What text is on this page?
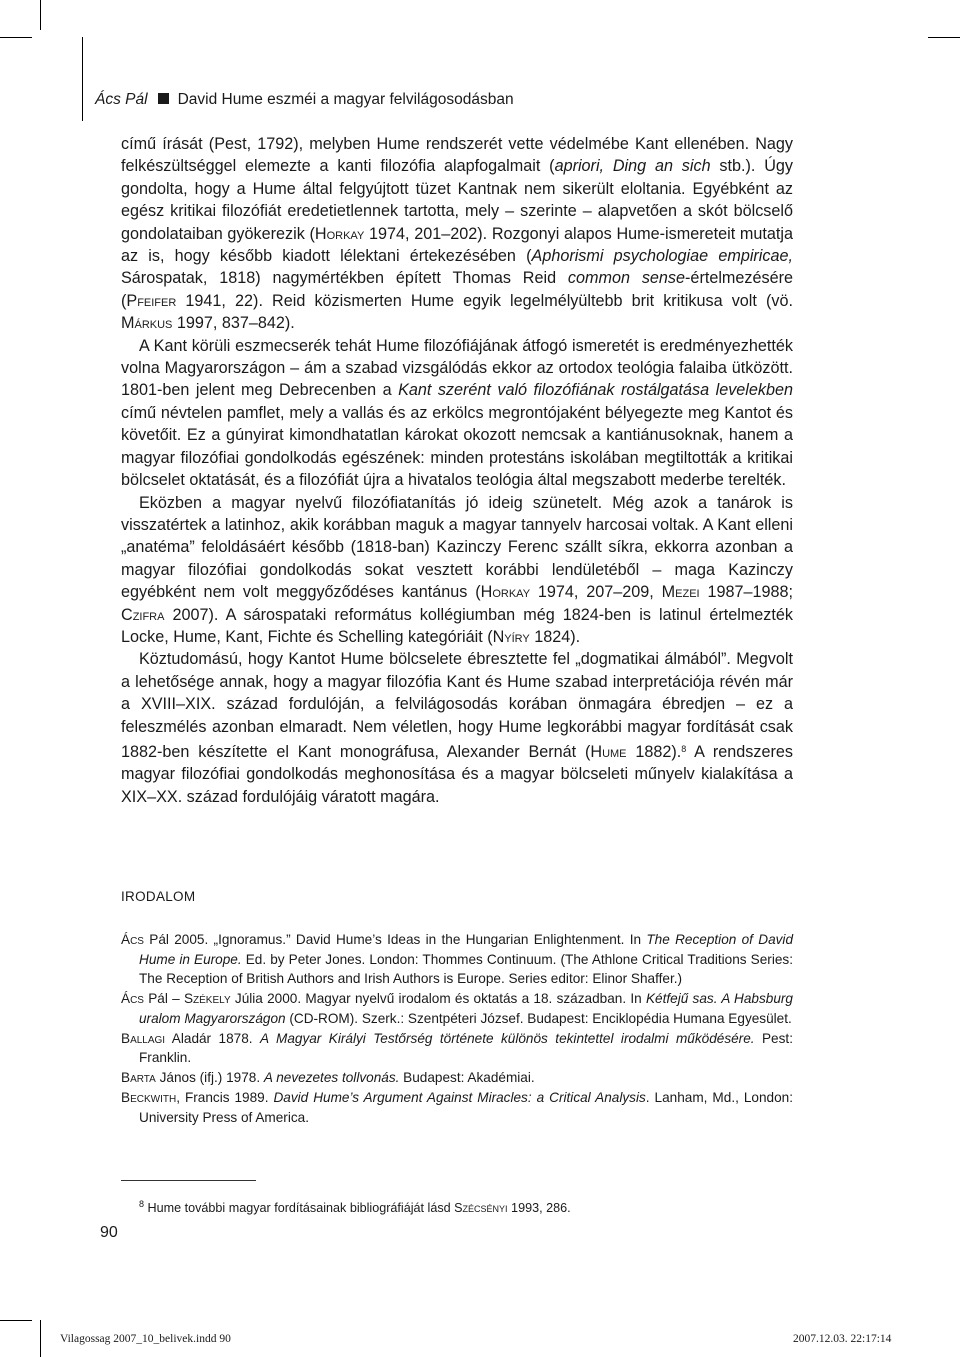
Ács Pál David Hume eszméi a magyar felvilágosodásban

című írását (Pest, 1792), melyben Hume rendszerét vette védelmébe Kant ellenében. Nagy felkészültséggel elemezte a kanti filozófia alapfogalmait (apriori, Ding an sich stb.). Úgy gondolta, hogy a Hume által felgyújtott tüzet Kantnak nem sikerült eloltania. Egyébként az egész kritikai filozófiát eredetietlennek tartotta, mely – szerinte – alapvetően a skót bölcselő gondolataiban gyökerezik (Horkay 1974, 201–202). Rozgonyi alapos Hume-ismereteit mutatja az is, hogy később kiadott lélektani értekezésében (Aphorismi psychologiae empiricae, Sárospatak, 1818) nagymértékben épített Thomas Reid common sense-értelmezésére (Pfeifer 1941, 22). Reid közismerten Hume egyik legelmélyültebb brit kritikusa volt (vö. Márkus 1997, 837–842).

A Kant körüli eszmecserék tehát Hume filozófiájának átfogó ismeretét is eredményezhették volna Magyarországon – ám a szabad vizsgálódás ekkor az ortodox teológia falaiba ütközött. 1801-ben jelent meg Debrecenben a Kant szerént való filozófiának rostálgatása levelekben című névtelen pamflet, mely a vallás és az erkölcs megrontójaként bélyegezte meg Kantot és követőit. Ez a gúnyirat kimondhatatlan károkat okozott nemcsak a kantiánusoknak, hanem a magyar filozófiai gondolkodás egészének: minden protestáns iskolában megtiltották a kritikai bölcselet oktatását, és a filozófiát újra a hivatalos teológia által megszabott mederbe terelték.

Eközben a magyar nyelvű filozófiatanítás jó ideig szünetelt. Még azok a tanárok is visszatértek a latinhoz, akik korábban maguk a magyar tannyelv harcosai voltak. A Kant elleni „anatéma” feloldásáért később (1818-ban) Kazinczy Ferenc szállt síkra, ekkorra azonban a magyar filozófiai gondolkodás sokat vesztett korábbi lendületéből – maga Kazinczy egyébként nem volt meggyőződéses kantánus (Horkay 1974, 207–209, Mezei 1987–1988; Czifra 2007). A sárospataki református kollégiumban még 1824-ben is latinul értelmezték Locke, Hume, Kant, Fichte és Schelling kategóriáit (Nyíry 1824).

Köztudomású, hogy Kantot Hume bölcselete ébresztette fel „dogmatikai álmából”. Megvolt a lehetősége annak, hogy a magyar filozófia Kant és Hume szabad interpretációja révén már a XVIII–XIX. század fordulóján, a felvilágosodás korában önmagára ébredjen – ez a feleszmélés azonban elmaradt. Nem véletlen, hogy Hume legkorábbi magyar fordítását csak 1882-ben készítette el Kant monográfusa, Alexander Bernát (Hume 1882).$^8$ A rendszeres magyar filozófiai gondolkodás meghonosítása és a magyar bölcseleti műnyelv kialakítása a XIX–XX. század fordulójáig váratott magára.

IRODALOM
Ács Pál 2005. „Ignoramus.” David Hume’s Ideas in the Hungarian Enlightenment. In The Reception of David Hume in Europe. Ed. by Peter Jones. London: Thommes Continuum. (The Athlone Critical Traditions Series: The Reception of British Authors and Irish Authors is Europe. Series editor: Elinor Shaffer.)
Ács Pál – Székely Júlia 2000. Magyar nyelvű irodalom és oktatás a 18. században. In Kétfejű sas. A Habsburg uralom Magyarországon (CD-ROM). Szerk.: Szentpéteri József. Budapest: Enciklopédia Humana Egyesület.
Ballagi Aladár 1878. A Magyar Királyi Testőrség története különös tekintettel irodalmi működésére. Pest: Franklin.
Barta János (ifj.) 1978. A nevezetes tollvonás. Budapest: Akadémiai.
Beckwith, Francis 1989. David Hume’s Argument Against Miracles: a Critical Analysis. Lanham, Md., London: University Press of America.
$^8$ Hume további magyar fordításainak bibliográfiáját lásd Szécsényi 1993, 286.
90
Vilagossag 2007_10_belivek.indd 90	2007.12.03. 22:17:14
